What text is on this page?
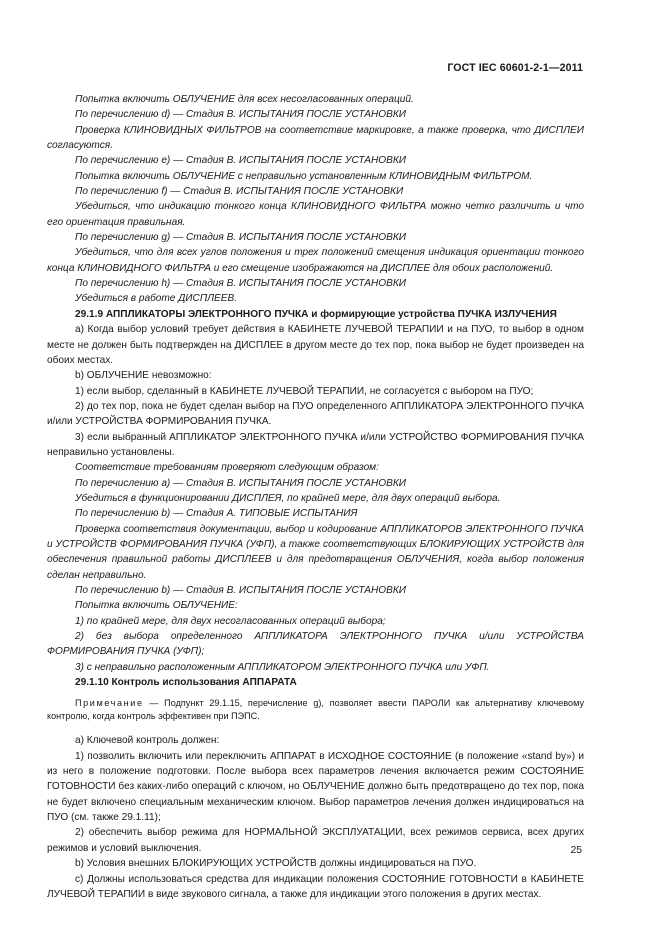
ГОСТ IEC 60601-2-1—2011

Попытка включить ОБЛУЧЕНИЕ для всех несогласованных операций.

По перечислению d) — Стадия В. ИСПЫТАНИЯ ПОСЛЕ УСТАНОВКИ

Проверка КЛИНОВИДНЫХ ФИЛЬТРОВ на соответствие маркировке, а также проверка, что ДИСПЛЕИ согласуются.

По перечислению е) — Стадия В. ИСПЫТАНИЯ ПОСЛЕ УСТАНОВКИ

Попытка включить ОБЛУЧЕНИЕ с неправильно установленным КЛИНОВИДНЫМ ФИЛЬТРОМ.

По перечислению f) — Стадия В. ИСПЫТАНИЯ ПОСЛЕ УСТАНОВКИ

Убедиться, что индикацию тонкого конца КЛИНОВИДНОГО ФИЛЬТРА можно четко различить и что его ориентация правильная.

По перечислению g) — Стадия В. ИСПЫТАНИЯ ПОСЛЕ УСТАНОВКИ

Убедиться, что для всех углов положения и трех положений смещения индикация ориентации тонкого конца КЛИНОВИДНОГО ФИЛЬТРА и его смещение изображаются на ДИСПЛЕЕ для обоих расположений.

По перечислению h) — Стадия В. ИСПЫТАНИЯ ПОСЛЕ УСТАНОВКИ

Убедиться в работе ДИСПЛЕЕВ.

29.1.9 АППЛИКАТОРЫ ЭЛЕКТРОННОГО ПУЧКА и формирующие устройства ПУЧКА ИЗЛУЧЕНИЯ

а) Когда выбор условий требует действия в КАБИНЕТЕ ЛУЧЕВОЙ ТЕРАПИИ и на ПУО, то выбор в одном месте не должен быть подтвержден на ДИСПЛЕЕ в другом месте до тех пор, пока выбор не будет произведен на обоих местах.

b) ОБЛУЧЕНИЕ невозможно:

1) если выбор, сделанный в КАБИНЕТЕ ЛУЧЕВОЙ ТЕРАПИИ, не согласуется с выбором на ПУО;

2) до тех пор, пока не будет сделан выбор на ПУО определенного АППЛИКАТОРА ЭЛЕКТРОННОГО ПУЧКА и/или УСТРОЙСТВА ФОРМИРОВАНИЯ ПУЧКА.

3) если выбранный АППЛИКАТОР ЭЛЕКТРОННОГО ПУЧКА и/или УСТРОЙСТВО ФОРМИРОВАНИЯ ПУЧКА неправильно установлены.

Соответствие требованиям проверяют следующим образом:

По перечислению а) — Стадия В. ИСПЫТАНИЯ ПОСЛЕ УСТАНОВКИ

Убедиться в функционировании ДИСПЛЕЯ, по крайней мере, для двух операций выбора.

По перечислению b) — Стадия А. ТИПОВЫЕ ИСПЫТАНИЯ

Проверка соответствия документации, выбор и кодирование АППЛИКАТОРОВ ЭЛЕКТРОННОГО ПУЧКА и УСТРОЙСТВ ФОРМИРОВАНИЯ ПУЧКА (УФП), а также соответствующих БЛОКИРУЮЩИХ УСТРОЙСТВ для обеспечения правильной работы ДИСПЛЕЕВ и для предотвращения ОБЛУЧЕНИЯ, когда выбор положения сделан неправильно.

По перечислению b) — Стадия В. ИСПЫТАНИЯ ПОСЛЕ УСТАНОВКИ

Попытка включить ОБЛУЧЕНИЕ:

1) по крайней мере, для двух несогласованных операций выбора;

2) без выбора определенного АППЛИКАТОРА ЭЛЕКТРОННОГО ПУЧКА и/или УСТРОЙСТВА ФОРМИРОВАНИЯ ПУЧКА (УФП);

3) с неправильно расположенным АППЛИКАТОРОМ ЭЛЕКТРОННОГО ПУЧКА или УФП.

29.1.10 Контроль использования АППАРАТА

Примечание — Подпункт 29.1.15, перечисление g), позволяет ввести ПАРОЛИ как альтернативу ключевому контролю, когда контроль эффективен при ПЭПС.

а) Ключевой контроль должен:

1) позволить включить или переключить АППАРАТ в ИСХОДНОЕ СОСТОЯНИЕ (в положение «stand by») и из него в положение подготовки. После выбора всех параметров лечения включается режим СОСТОЯНИЕ ГОТОВНОСТИ без каких-либо операций с ключом, но ОБЛУЧЕНИЕ должно быть предотвращено до тех пор, пока не будет включено специальным механическим ключом. Выбор параметров лечения должен индицироваться на ПУО (см. также 29.1.11);

2) обеспечить выбор режима для НОРМАЛЬНОЙ ЭКСПЛУАТАЦИИ, всех режимов сервиса, всех других режимов и условий выключения.

b) Условия внешних БЛОКИРУЮЩИХ УСТРОЙСТВ должны индицироваться на ПУО.

с) Должны использоваться средства для индикации положения СОСТОЯНИЕ ГОТОВНОСТИ в КАБИНЕТЕ ЛУЧЕВОЙ ТЕРАПИИ в виде звукового сигнала, а также для индикации этого положения в других местах.

25
